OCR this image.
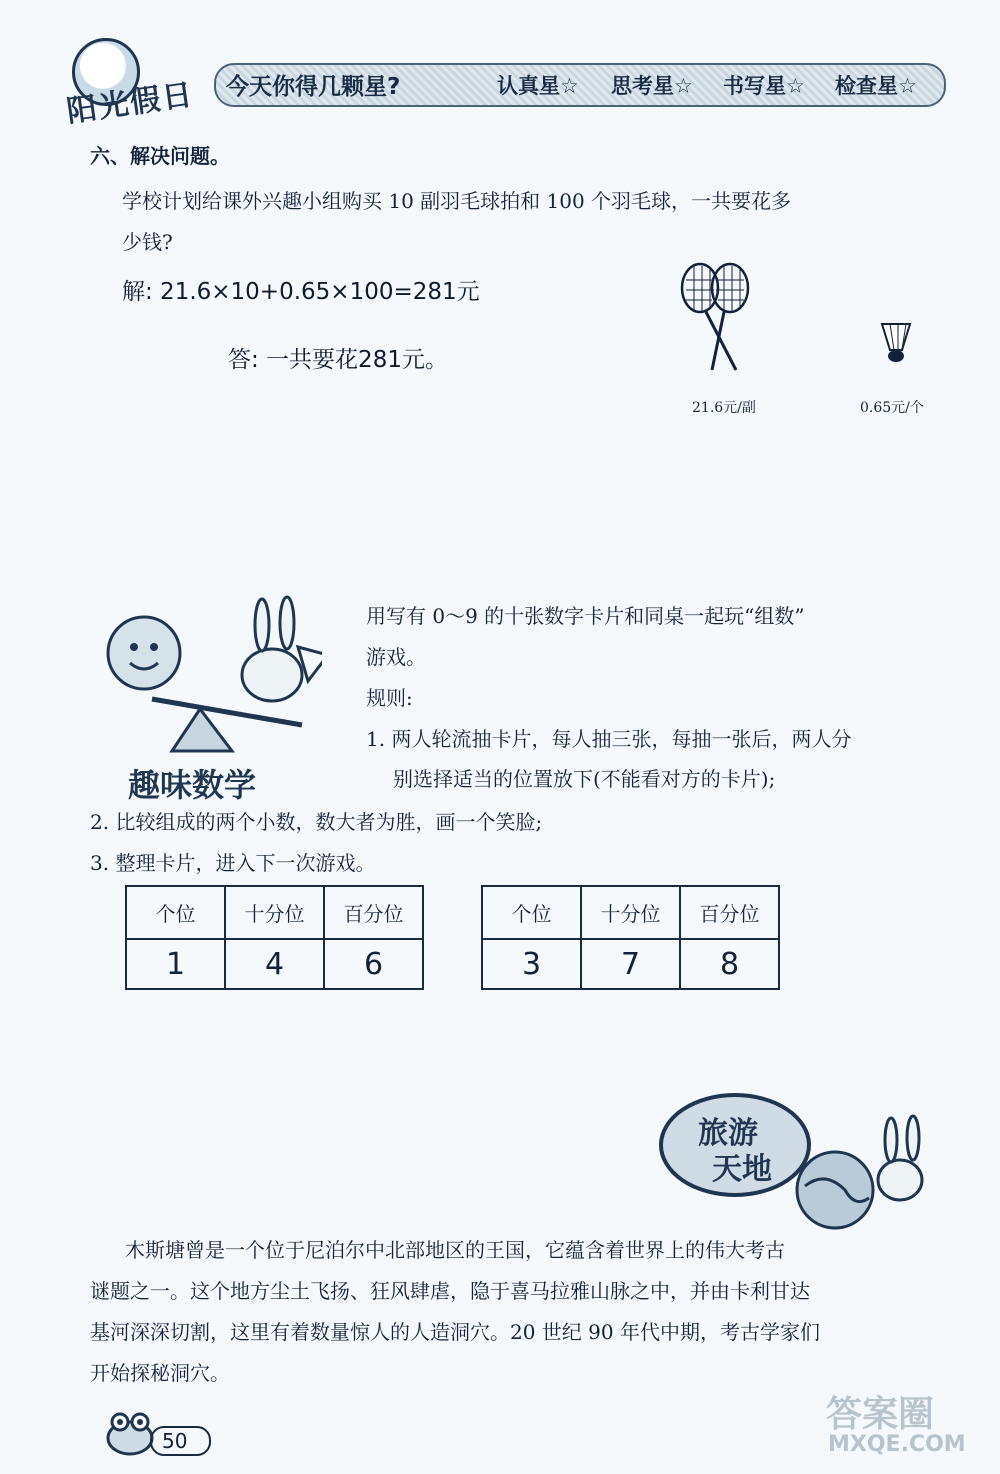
阳光假日 今天你得几颗星?	认真星☆ 思考星☆ 书写星☆ 检查星☆
六、解决问题。
学校计划给课外兴趣小组购买 10 副羽毛球拍和 100 个羽毛球，一共要花多
少钱?
解: 21.6×10+0.65×100=281元
答: 一共要花281元。
21.6元/副	0.65元/个
趣味数学
用写有 0～9 的十张数字卡片和同桌一起玩“组数”
游戏。
规则:
1. 两人轮流抽卡片，每人抽三张，每抽一张后，两人分
别选择适当的位置放下(不能看对方的卡片);
2. 比较组成的两个小数，数大者为胜，画一个笑脸;
3. 整理卡片，进入下一次游戏。
个位	十分位	百分位
1	4	6
个位	十分位	百分位
3	7	8
旅游
天地
木斯塘曾是一个位于尼泊尔中北部地区的王国，它蕴含着世界上的伟大考古
谜题之一。这个地方尘土飞扬、狂风肆虐，隐于喜马拉雅山脉之中，并由卡利甘达
基河深深切割，这里有着数量惊人的人造洞穴。20 世纪 90 年代中期，考古学家们
开始探秘洞穴。
50
答案圈
MXQE.COM
